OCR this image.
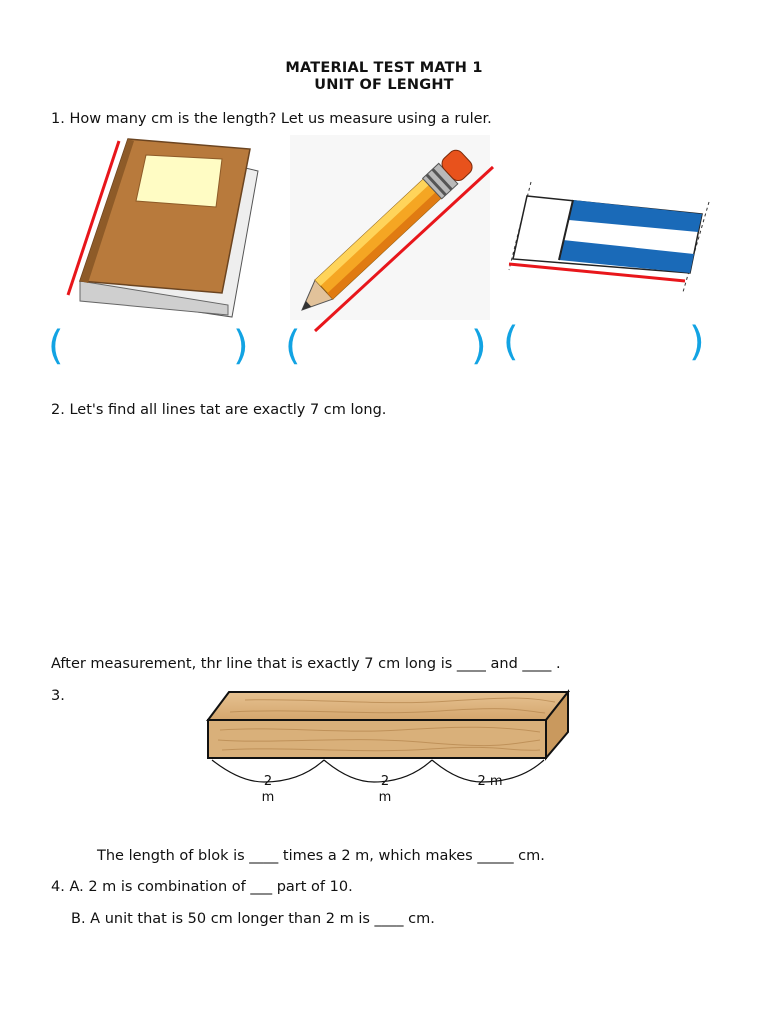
MATERIAL TEST MATH 1
UNIT OF LENGHT
1. How many cm is the length? Let us measure using a ruler.
(	) (	) (	)
2. Let's find all lines tat are exactly 7 cm long.
After measurement, thr line that is exactly 7 cm long is ____ and ____ .
3.
2
m
2
m
2 m
The length of blok is ____ times a 2 m, which makes _____ cm.
4. A. 2 m is combination of ___ part of 10.
B. A unit that is 50 cm longer than 2 m is ____ cm.
